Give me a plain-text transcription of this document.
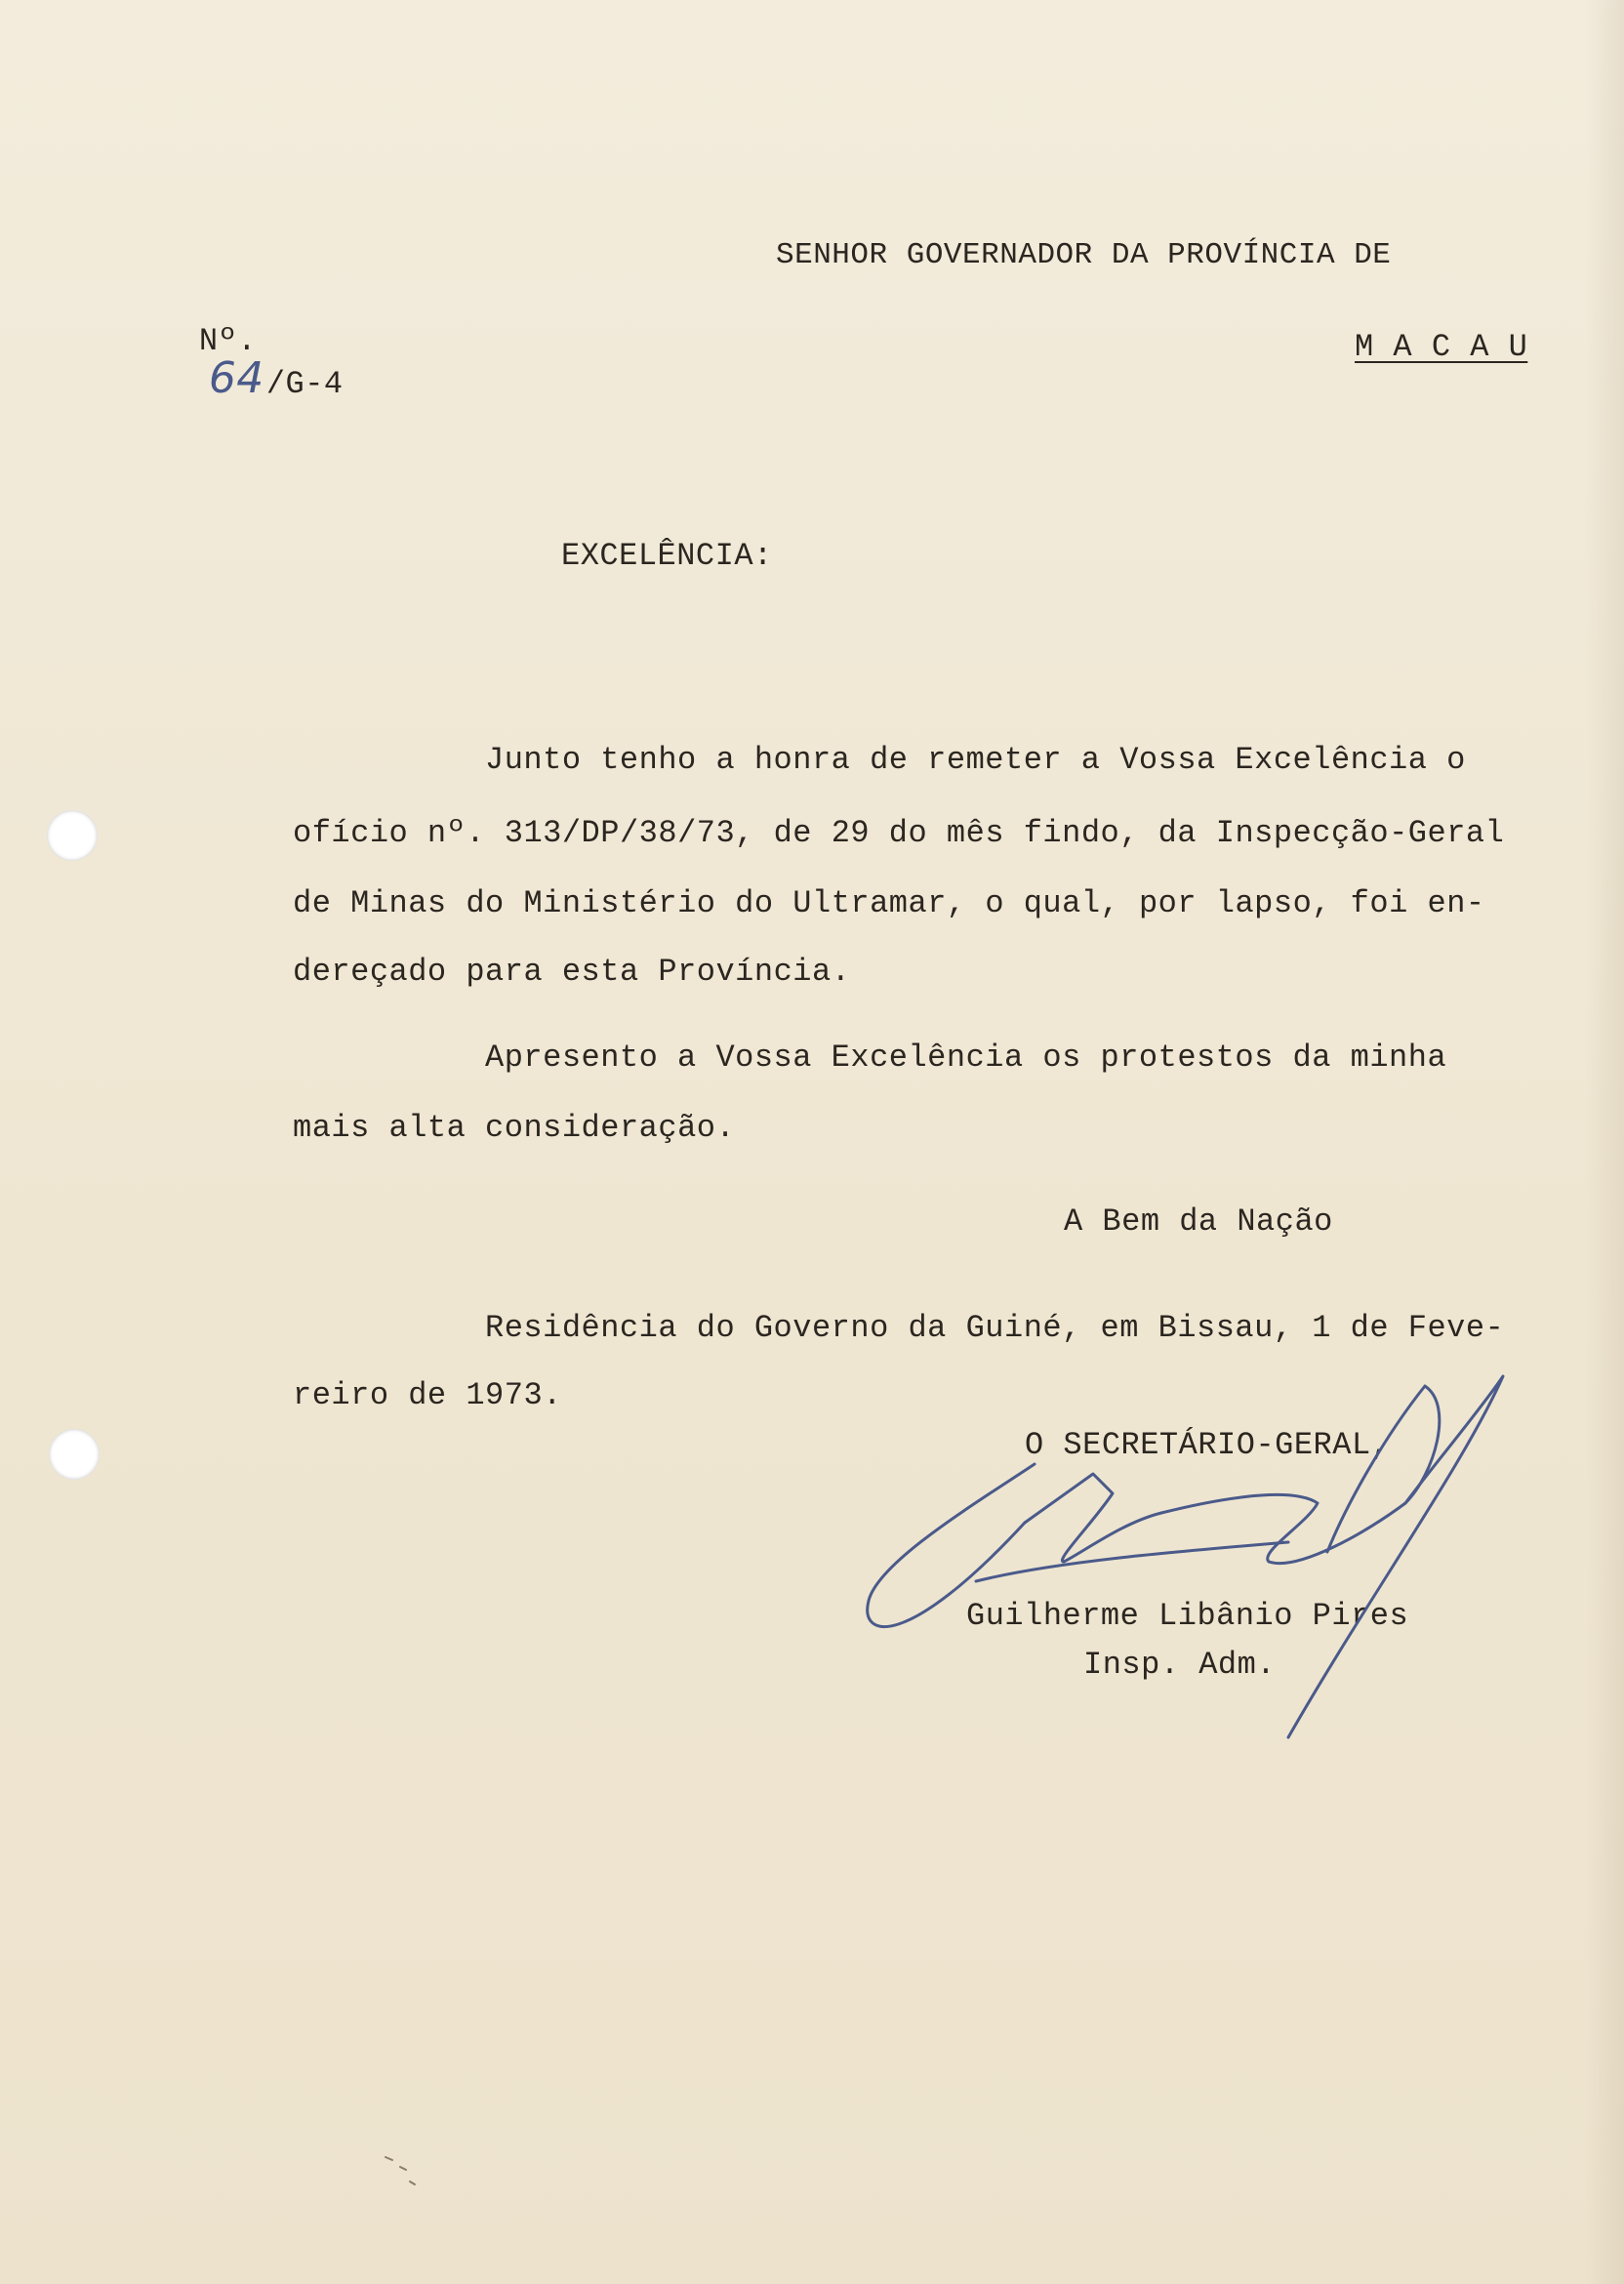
SENHOR GOVERNADOR DA PROVÍNCIA DE

Nº.
64/G-4

M A C A U
EXCELÊNCIA:
Junto tenho a honra de remeter a Vossa Excelência o
ofício nº. 313/DP/38/73, de 29 do mês findo, da Inspecção-Geral
de Minas do Ministério do Ultramar, o qual, por lapso, foi en-
dereçado para esta Província.
Apresento a Vossa Excelência os protestos da minha
mais alta consideração.
A Bem da Nação
Residência do Governo da Guiné, em Bissau, 1 de Feve-
reiro de 1973.
O SECRETÁRIO-GERAL,
Guilherme Libânio Pires
Insp. Adm.
